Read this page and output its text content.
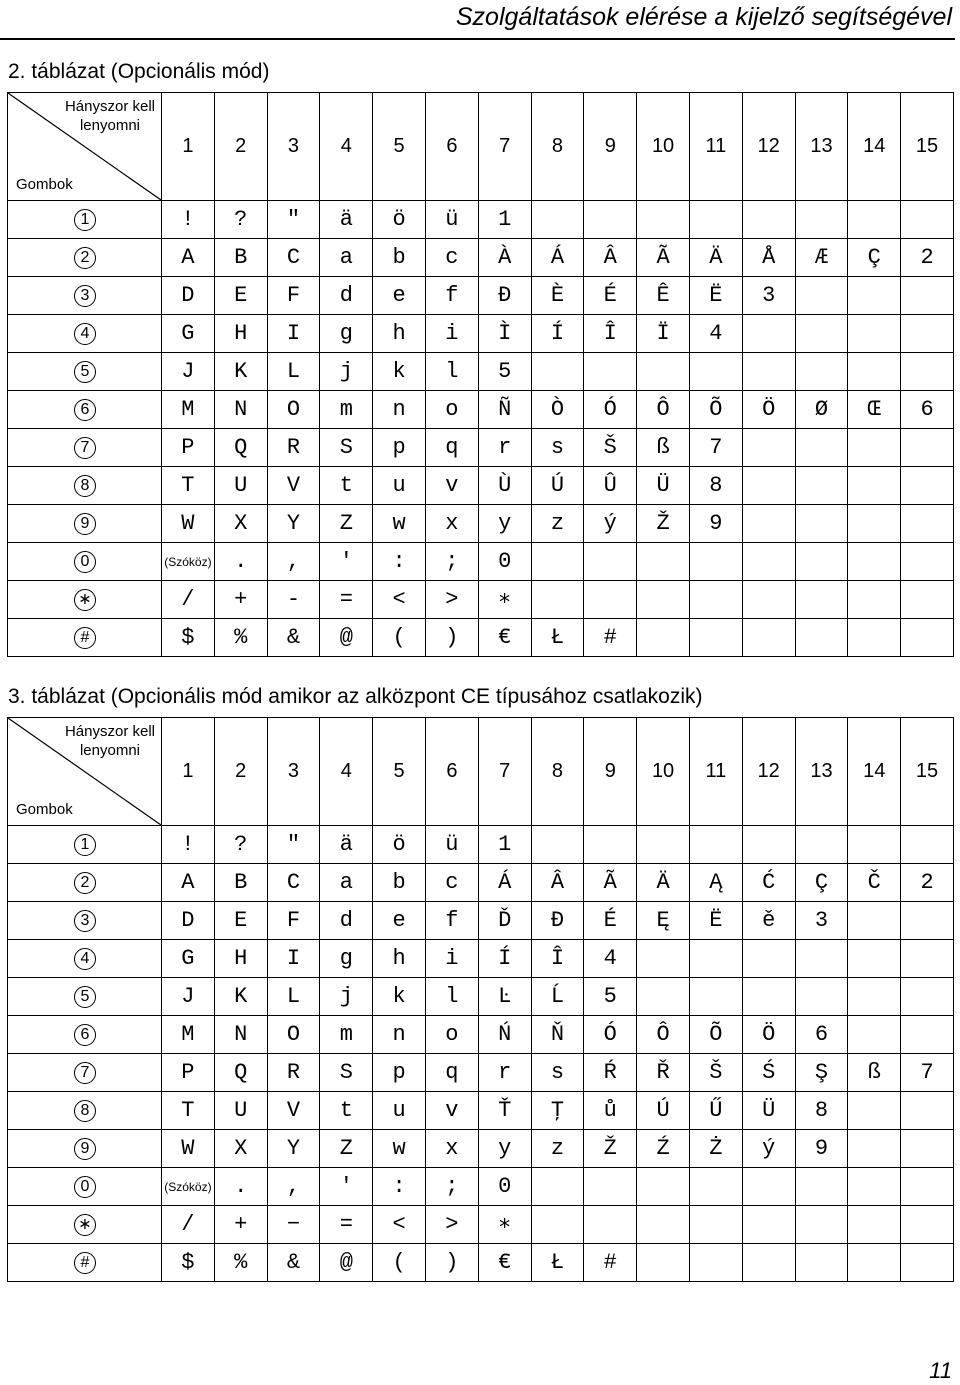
Szolgáltatások elérése a kijelző segítségével
2. táblázat (Opcionális mód)
Hányszor kell
lenyomni
Gombok	1	2	3	4	5	6	7	8	9	10	11	12	13	14	15

1	!	?	″	ä	ö	ü	1								

2	A	B	C	a	b	c	À	Á	Â	Ã	Ä	Å	Æ	Ç	2

3	D	E	F	d	e	f	Đ	È	É	Ê	Ë	3			

4	G	H	I	g	h	i	Ì	Í	Î	Ï	4				

5	J	K	L	j	k	l	5								

6	M	N	O	m	n	o	Ñ	Ò	Ó	Ô	Õ	Ö	Ø	Œ	6

7	P	Q	R	S	p	q	r	s	Š	ß	7				

8	T	U	V	t	u	v	Ù	Ú	Û	Ü	8				

9	W	X	Y	Z	w	x	y	z	ý	Ž	9				

0	(Szóköz)	.	,	′	:	;	0								

∗	/	+	-	=	<	>	∗								

#	$	%	&	@	(	)	€	Ł	#						
3. táblázat (Opcionális mód amikor az alközpont CE típusához csatlakozik)
Hányszor kell
lenyomni
Gombok	1	2	3	4	5	6	7	8	9	10	11	12	13	14	15

1	!	?	″	ä	ö	ü	1								

2	A	B	C	a	b	c	Á	Â	Ã	Ä	Ą	Ć	Ç	Č	2

3	D	E	F	d	e	f	Ď	Đ	É	Ę	Ë	ě	3		

4	G	H	I	g	h	i	Í	Î	4						

5	J	K	L	j	k	l	Ŀ	Ĺ	5						

6	M	N	O	m	n	o	Ń	Ň	Ó	Ô	Õ	Ö	6		

7	P	Q	R	S	p	q	r	s	Ŕ	Ř	Š	Ś	Ş	ß	7

8	T	U	V	t	u	v	Ť	Ţ	ů	Ú	Ű	Ü	8		

9	W	X	Y	Z	w	x	y	z	Ž	Ź	Ż	ý	9		

0	(Szóköz)	.	,	′	:	;	0								

∗	/	+	−	=	<	>	∗								

#	$	%	&	@	(	)	€	Ł	#						
11
